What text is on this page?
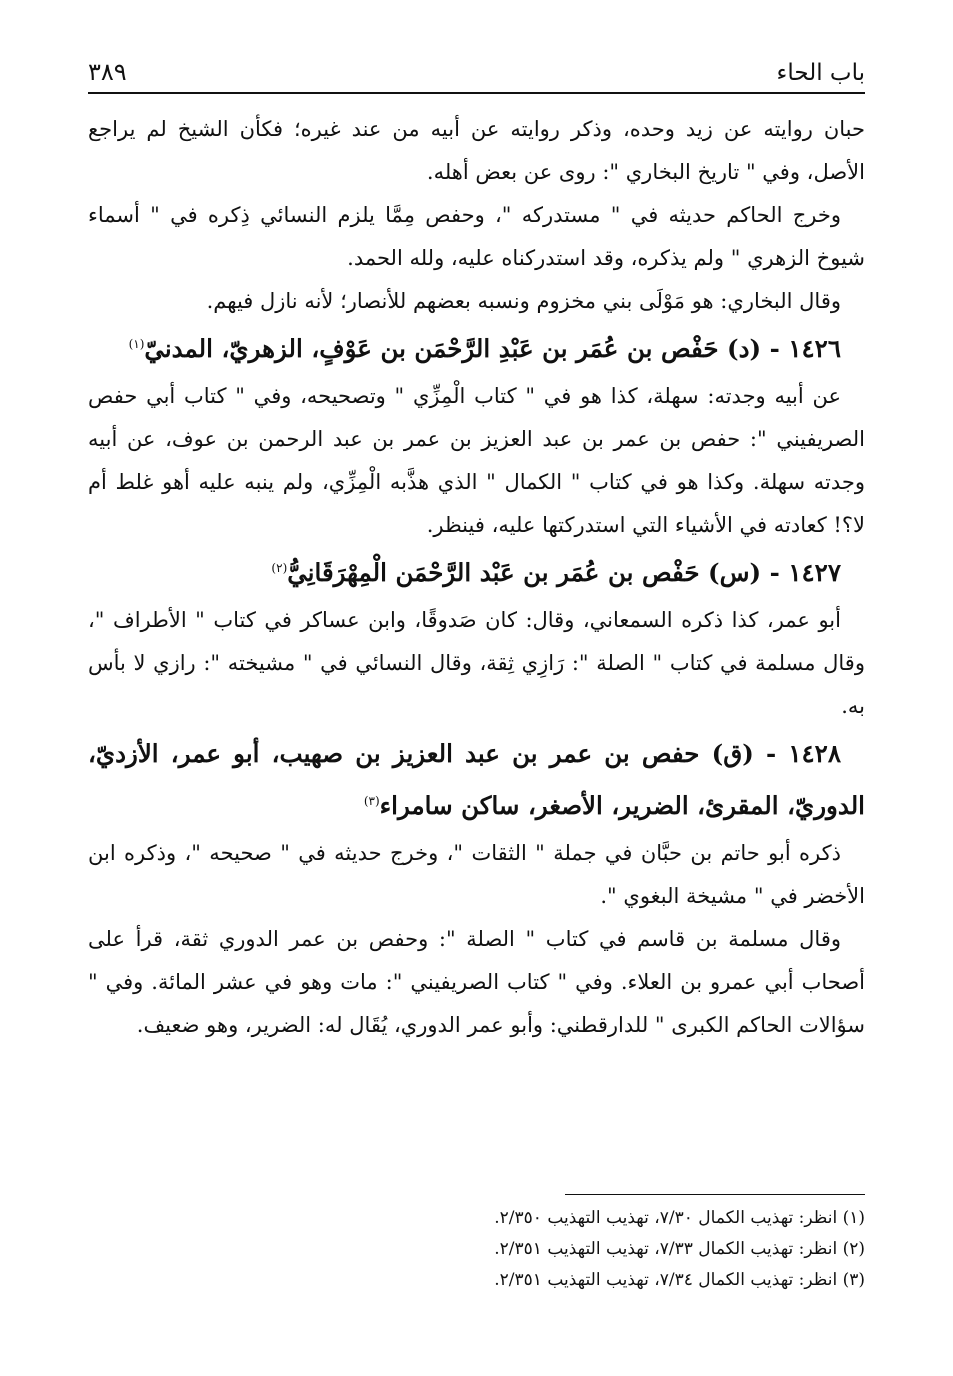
باب الحاء
٣٨٩

حبان روايته عن زيد وحده، وذكر روايته عن أبيه من عند غيره؛ فكأن الشيخ لم يراجع الأصل، وفي " تاريخ البخاري ": روى عن بعض أهله.

وخرج الحاكم حديثه في " مستدركه "، وحفص مِمَّا يلزم النسائي ذِكره في " أسماء شيوخ الزهري " ولم يذكره، وقد استدركناه عليه، ولله الحمد.

وقال البخاري: هو مَوْلَى بني مخزوم ونسبه بعضهم للأنصار؛ لأنه نازل فيهم.

١٤٢٦ - (د) حَفْص بن عُمَر بن عَبْدِ الرَّحْمَن بن عَوْفٍ، الزهريّ، المدنيّ$^{(١)}$

عن أبيه وجدته: سهلة، كذا هو في " كتاب الْمِزِّي " وتصحيحه، وفي " كتاب أبي حفص الصريفيني ": حفص بن عمر بن عبد العزيز بن عمر بن عبد الرحمن بن عوف، عن أبيه وجدته سهلة. وكذا هو في كتاب " الكمال " الذي هذَّبه الْمِزِّي، ولم ينبه عليه أهو غلط أم لا؟! كعادته في الأشياء التي استدركتها عليه، فينظر.

١٤٢٧ - (س) حَفْص بن عُمَر بن عَبْد الرَّحْمَن الْمِهْرَقَانِيُّ$^{(٢)}$

أبو عمر، كذا ذكره السمعاني، وقال: كان صَدوقًا، وابن عساكر في كتاب " الأطراف "، وقال مسلمة في كتاب " الصلة ": رَازِي ثِقة، وقال النسائي في " مشيخته ": رازي لا بأس به.

١٤٢٨ - (ق) حفص بن عمر بن عبد العزيز بن صهيب، أبو عمر، الأزديّ، الدوريّ، المقرئ، الضرير، الأصغر، ساكن سامراء$^{(٣)}$

ذكره أبو حاتم بن حبَّان في جملة " الثقات "، وخرج حديثه في " صحيحه "، وذكره ابن الأخضر في " مشيخة البغوي ".

وقال مسلمة بن قاسم في كتاب " الصلة ": وحفص بن عمر الدوري ثقة، قرأ على أصحاب أبي عمرو بن العلاء. وفي " كتاب الصريفيني ": مات وهو في عشر المائة. وفي " سؤالات الحاكم الكبرى " للدارقطني: وأبو عمر الدوري، يُقَال له: الضرير، وهو ضعيف.

(١) انظر: تهذيب الكمال ٧/٣٠، تهذيب التهذيب ٢/٣٥٠.

(٢) انظر: تهذيب الكمال ٧/٣٣، تهذيب التهذيب ٢/٣٥١.

(٣) انظر: تهذيب الكمال ٧/٣٤، تهذيب التهذيب ٢/٣٥١.
